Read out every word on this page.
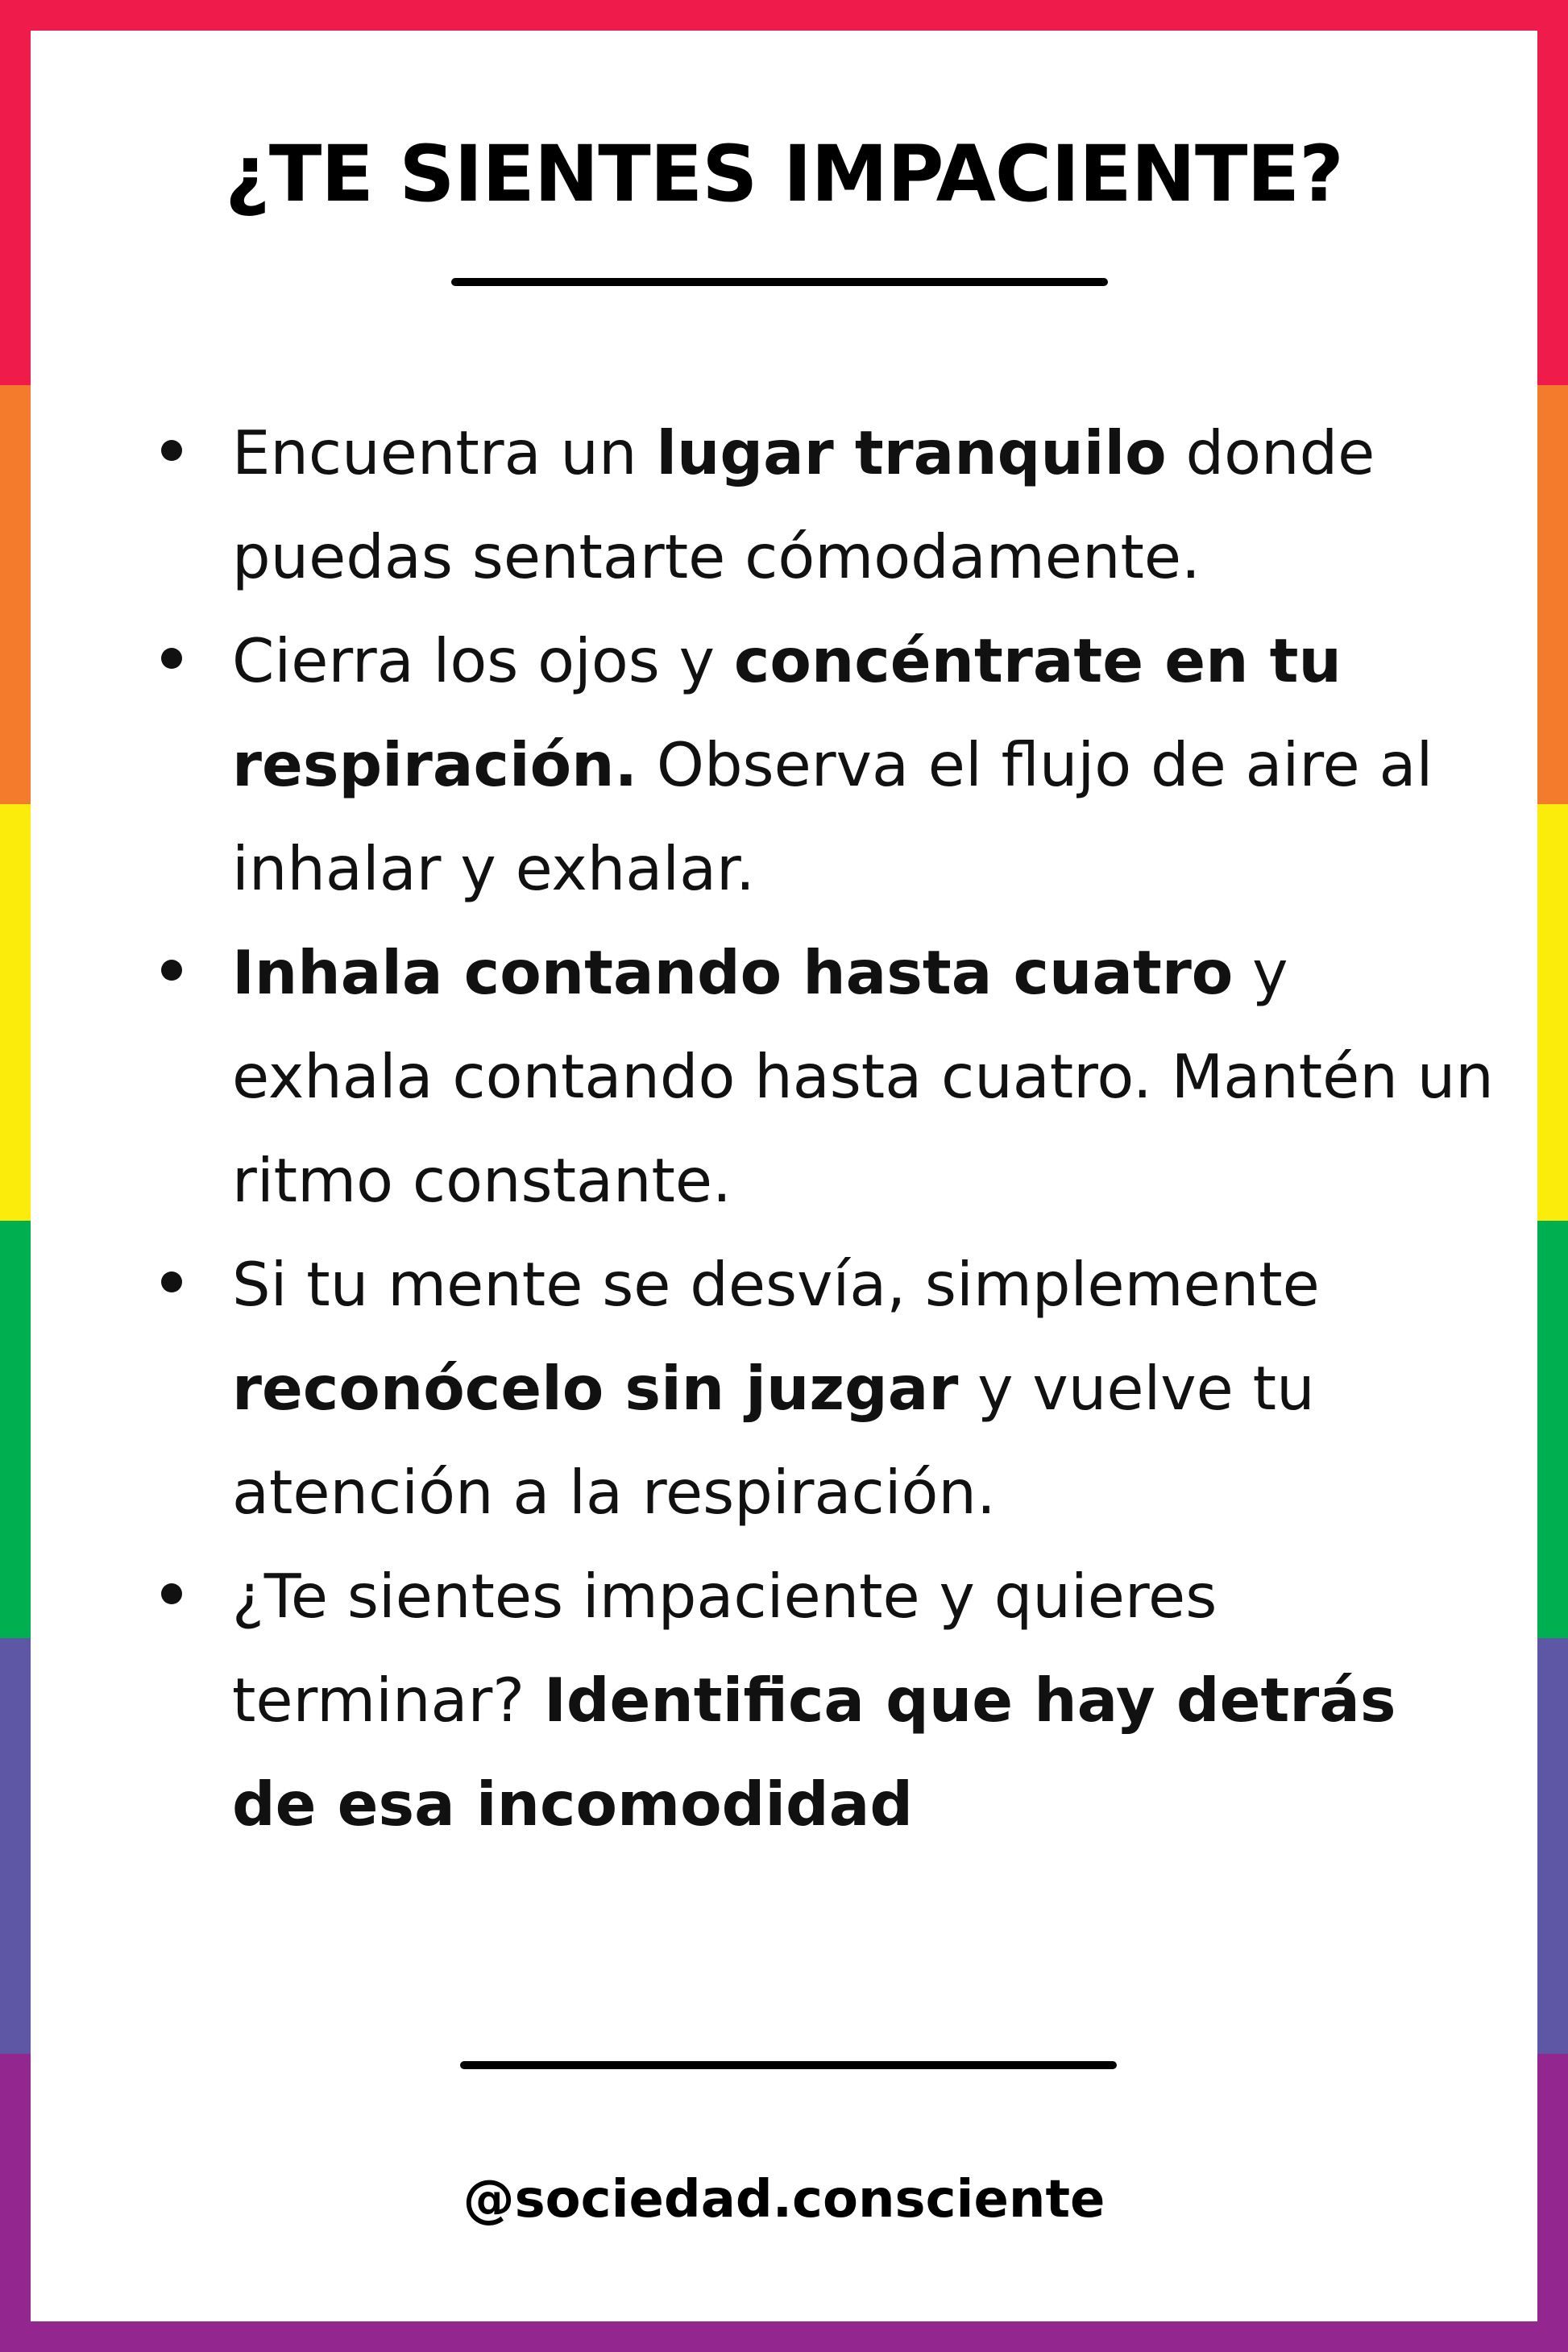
¿TE SIENTES IMPACIENTE?
Encuentra un lugar tranquilo donde puedas sentarte cómodamente.
Cierra los ojos y concéntrate en tu respiración. Observa el flujo de aire al inhalar y exhalar.
Inhala contando hasta cuatro y exhala contando hasta cuatro. Mantén un ritmo constante.
Si tu mente se desvía, simplemente reconócelo sin juzgar y vuelve tu atención a la respiración.
¿Te sientes impaciente y quieres terminar? Identifica que hay detrás de esa incomodidad
@sociedad.consciente
